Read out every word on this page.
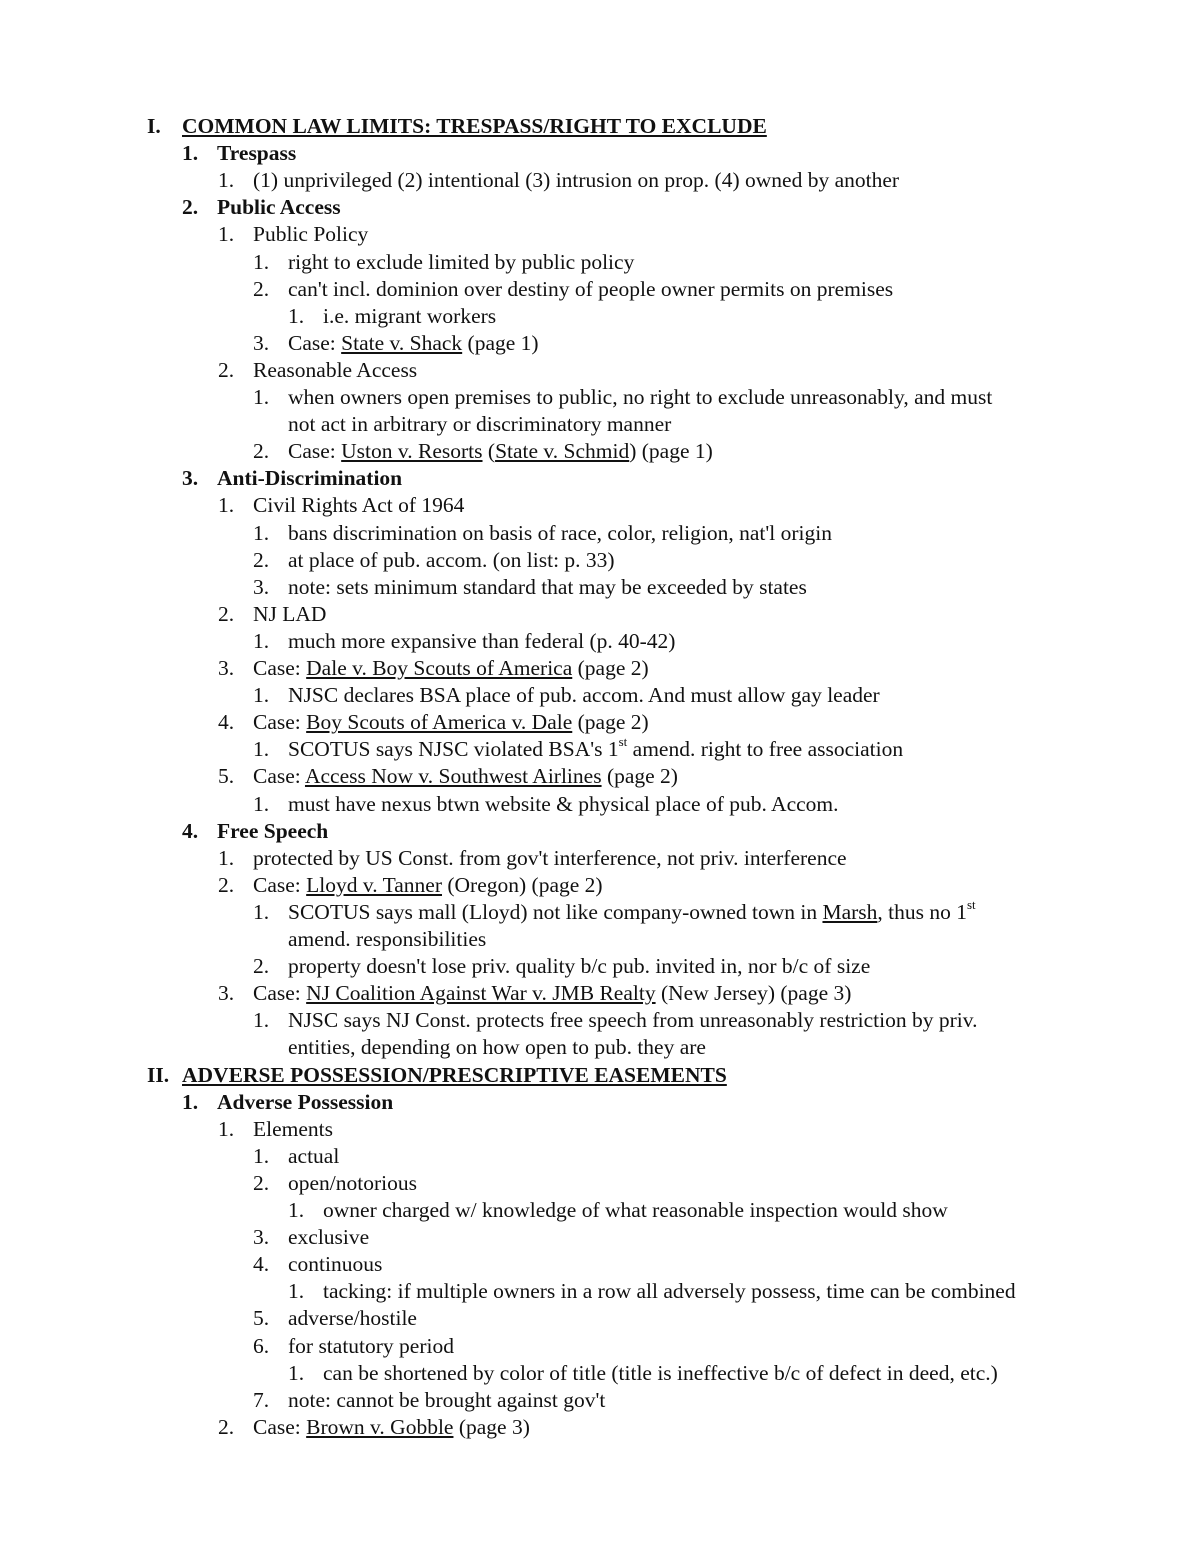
I. COMMON LAW LIMITS: TRESPASS/RIGHT TO EXCLUDE
1. Trespass
1. (1) unprivileged (2) intentional (3) intrusion on prop. (4) owned by another
2. Public Access
1. Public Policy
1. right to exclude limited by public policy
2. can't incl. dominion over destiny of people owner permits on premises
1. i.e. migrant workers
3. Case: State v. Shack (page 1)
2. Reasonable Access
1. when owners open premises to public, no right to exclude unreasonably, and must
not act in arbitrary or discriminatory manner
2. Case: Uston v. Resorts (State v. Schmid) (page 1)
3. Anti-Discrimination
1. Civil Rights Act of 1964
1. bans discrimination on basis of race, color, religion, nat'l origin
2. at place of pub. accom. (on list: p. 33)
3. note: sets minimum standard that may be exceeded by states
2. NJ LAD
1. much more expansive than federal (p. 40-42)
3. Case: Dale v. Boy Scouts of America (page 2)
1. NJSC declares BSA place of pub. accom. And must allow gay leader
4. Case: Boy Scouts of America v. Dale (page 2)
1. SCOTUS says NJSC violated BSA's 1st amend. right to free association
5. Case: Access Now v. Southwest Airlines (page 2)
1. must have nexus btwn website & physical place of pub. Accom.
4. Free Speech
1. protected by US Const. from gov't interference, not priv. interference
2. Case: Lloyd v. Tanner (Oregon) (page 2)
1. SCOTUS says mall (Lloyd) not like company-owned town in Marsh, thus no 1st
amend. responsibilities
2. property doesn't lose priv. quality b/c pub. invited in, nor b/c of size
3. Case: NJ Coalition Against War v. JMB Realty (New Jersey) (page 3)
1. NJSC says NJ Const. protects free speech from unreasonably restriction by priv.
entities, depending on how open to pub. they are
II. ADVERSE POSSESSION/PRESCRIPTIVE EASEMENTS
1. Adverse Possession
1. Elements
1. actual
2. open/notorious
1. owner charged w/ knowledge of what reasonable inspection would show
3. exclusive
4. continuous
1. tacking: if multiple owners in a row all adversely possess, time can be combined
5. adverse/hostile
6. for statutory period
1. can be shortened by color of title (title is ineffective b/c of defect in deed, etc.)
7. note: cannot be brought against gov't
2. Case: Brown v. Gobble (page 3)
